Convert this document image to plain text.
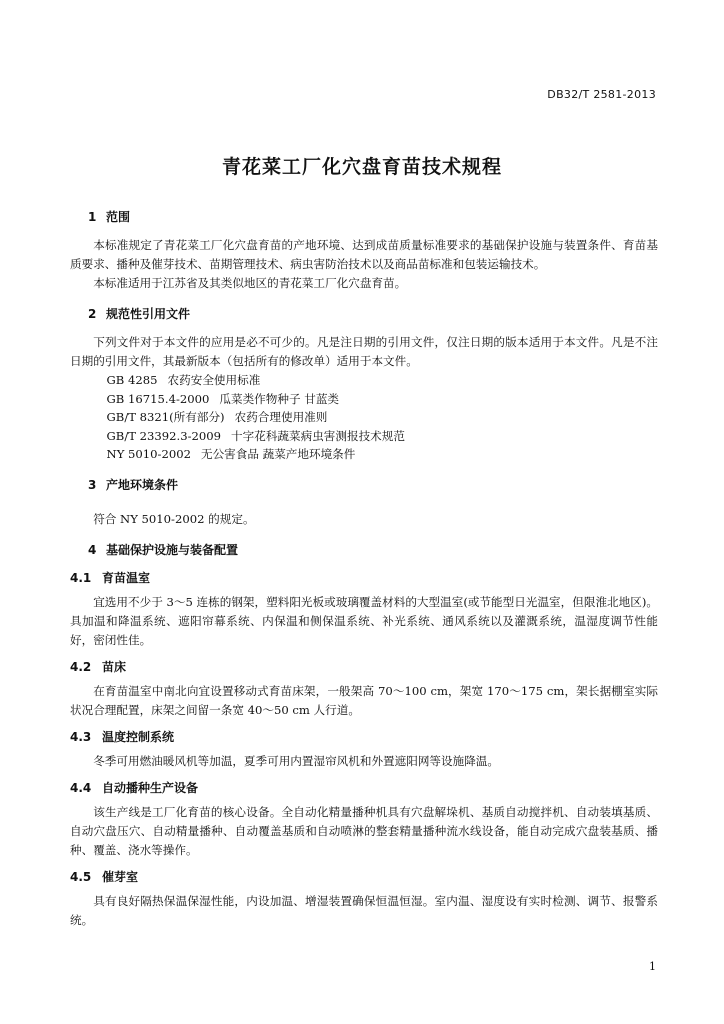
DB32/T 2581-2013
青花菜工厂化穴盘育苗技术规程
1 范围

本标准规定了青花菜工厂化穴盘育苗的产地环境、达到成苗质量标准要求的基础保护设施与装置条件、育苗基质要求、播种及催芽技术、苗期管理技术、病虫害防治技术以及商品苗标准和包装运输技术。

本标准适用于江苏省及其类似地区的青花菜工厂化穴盘育苗。

2 规范性引用文件

下列文件对于本文件的应用是必不可少的。凡是注日期的引用文件，仅注日期的版本适用于本文件。凡是不注日期的引用文件，其最新版本（包括所有的修改单）适用于本文件。

GB 4285 农药安全使用标准

GB 16715.4-2000 瓜菜类作物种子 甘蓝类

GB/T 8321(所有部分) 农药合理使用准则

GB/T 23392.3-2009 十字花科蔬菜病虫害测报技术规范

NY 5010-2002 无公害食品 蔬菜产地环境条件

3 产地环境条件

符合 NY 5010-2002 的规定。

4 基础保护设施与装备配置
4.1 育苗温室

宜选用不少于 3～5 连栋的钢架，塑料阳光板或玻璃覆盖材料的大型温室(或节能型日光温室，但限淮北地区)。具加温和降温系统、遮阳帘幕系统、内保温和侧保温系统、补光系统、通风系统以及灌溉系统，温湿度调节性能好，密闭性佳。

4.2 苗床

在育苗温室中南北向宜设置移动式育苗床架，一般架高 70～100 cm，架宽 170～175 cm，架长据棚室实际状况合理配置，床架之间留一条宽 40～50 cm 人行道。

4.3 温度控制系统

冬季可用燃油暖风机等加温，夏季可用内置湿帘风机和外置遮阳网等设施降温。

4.4 自动播种生产设备

该生产线是工厂化育苗的核心设备。全自动化精量播种机具有穴盘解垛机、基质自动搅拌机、自动装填基质、自动穴盘压穴、自动精量播种、自动覆盖基质和自动喷淋的整套精量播种流水线设备，能自动完成穴盘装基质、播种、覆盖、浇水等操作。

4.5 催芽室

具有良好隔热保温保湿性能，内设加温、增湿装置确保恒温恒湿。室内温、湿度设有实时检测、调节、报警系统。

1
